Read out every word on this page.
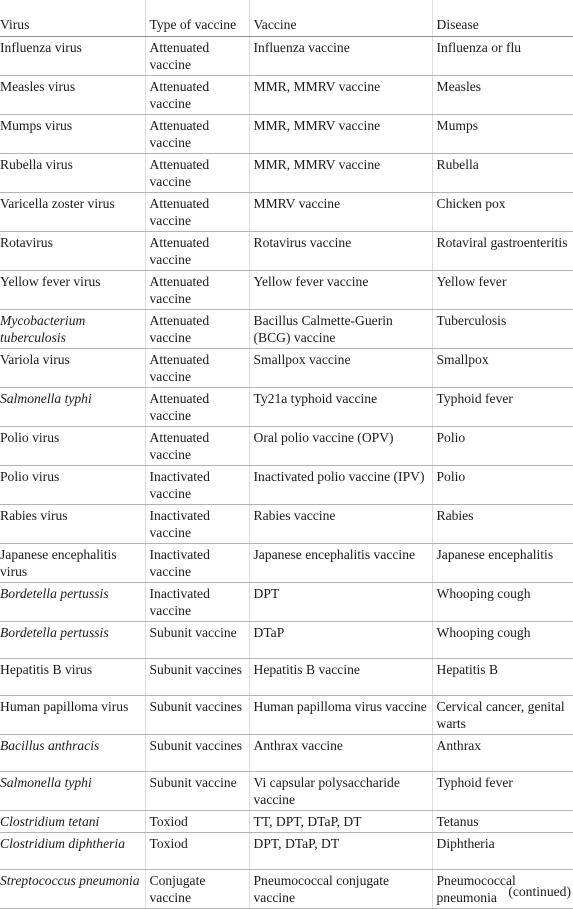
Virus	Type of vaccine	Vaccine	Disease
Influenza virus	Attenuated vaccine	Influenza vaccine	Influenza or flu
Measles virus	Attenuated vaccine	MMR, MMRV vaccine	Measles
Mumps virus	Attenuated vaccine	MMR, MMRV vaccine	Mumps
Rubella virus	Attenuated vaccine	MMR, MMRV vaccine	Rubella
Varicella zoster virus	Attenuated vaccine	MMRV vaccine	Chicken pox
Rotavirus	Attenuated vaccine	Rotavirus vaccine	Rotaviral gastroenteritis
Yellow fever virus	Attenuated vaccine	Yellow fever vaccine	Yellow fever
Mycobacterium tuberculosis	Attenuated vaccine	Bacillus Calmette-Guerin (BCG) vaccine	Tuberculosis
Variola virus	Attenuated vaccine	Smallpox vaccine	Smallpox
Salmonella typhi	Attenuated vaccine	Ty21a typhoid vaccine	Typhoid fever
Polio virus	Attenuated vaccine	Oral polio vaccine (OPV)	Polio
Polio virus	Inactivated vaccine	Inactivated polio vaccine (IPV)	Polio
Rabies virus	Inactivated vaccine	Rabies vaccine	Rabies
Japanese encephalitis virus	Inactivated vaccine	Japanese encephalitis vaccine	Japanese encephalitis
Bordetella pertussis	Inactivated vaccine	DPT	Whooping cough
Bordetella pertussis	Subunit vaccine	DTaP	Whooping cough
Hepatitis B virus	Subunit vaccines	Hepatitis B vaccine	Hepatitis B
Human papilloma virus	Subunit vaccines	Human papilloma virus vaccine	Cervical cancer, genital warts
Bacillus anthracis	Subunit vaccines	Anthrax vaccine	Anthrax
Salmonella typhi	Subunit vaccine	Vi capsular polysaccharide vaccine	Typhoid fever
Clostridium tetani	Toxiod	TT, DPT, DTaP, DT	Tetanus
Clostridium diphtheria	Toxiod	DPT, DTaP, DT	Diphtheria
Streptococcus pneumonia	Conjugate vaccine	Pneumococcal conjugate vaccine	Pneumococcal pneumonia (continued)
